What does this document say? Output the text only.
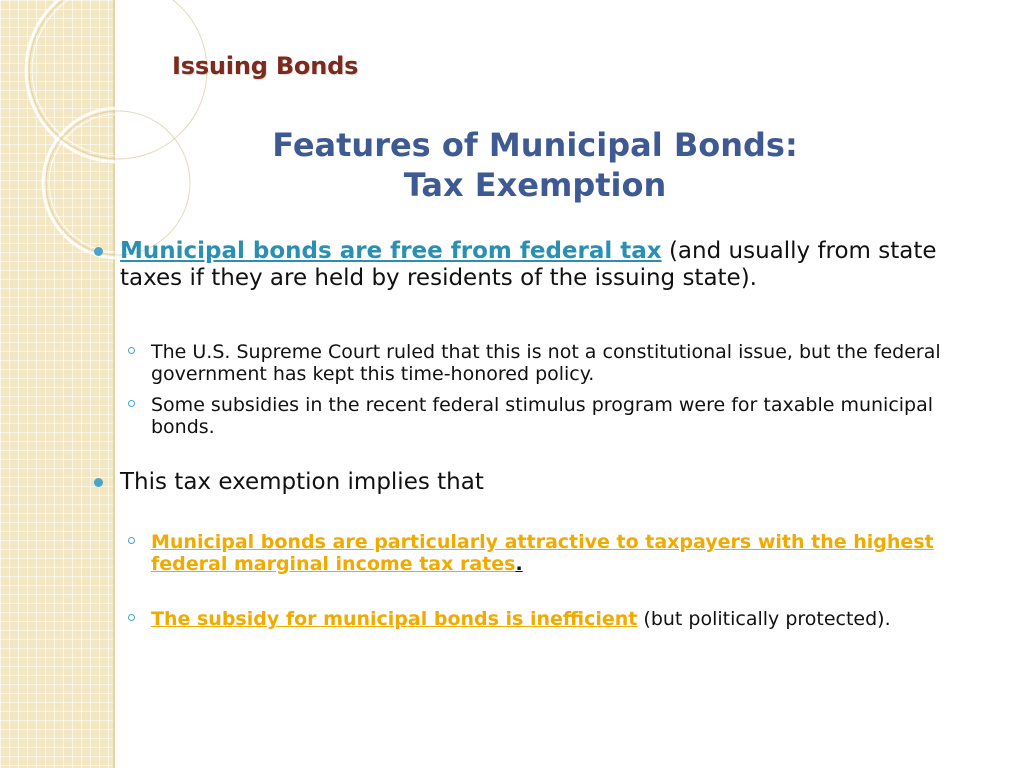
Issuing Bonds
Features of Municipal Bonds:
Tax Exemption
Municipal bonds are free from federal tax (and usually from state taxes if they are held by residents of the issuing state).
The U.S. Supreme Court ruled that this is not a constitutional issue, but the federal government has kept this time-honored policy.
Some subsidies in the recent federal stimulus program were for taxable municipal bonds.
This tax exemption implies that
Municipal bonds are particularly attractive to taxpayers with the highest federal marginal income tax rates.
The subsidy for municipal bonds is inefficient (but politically protected).
